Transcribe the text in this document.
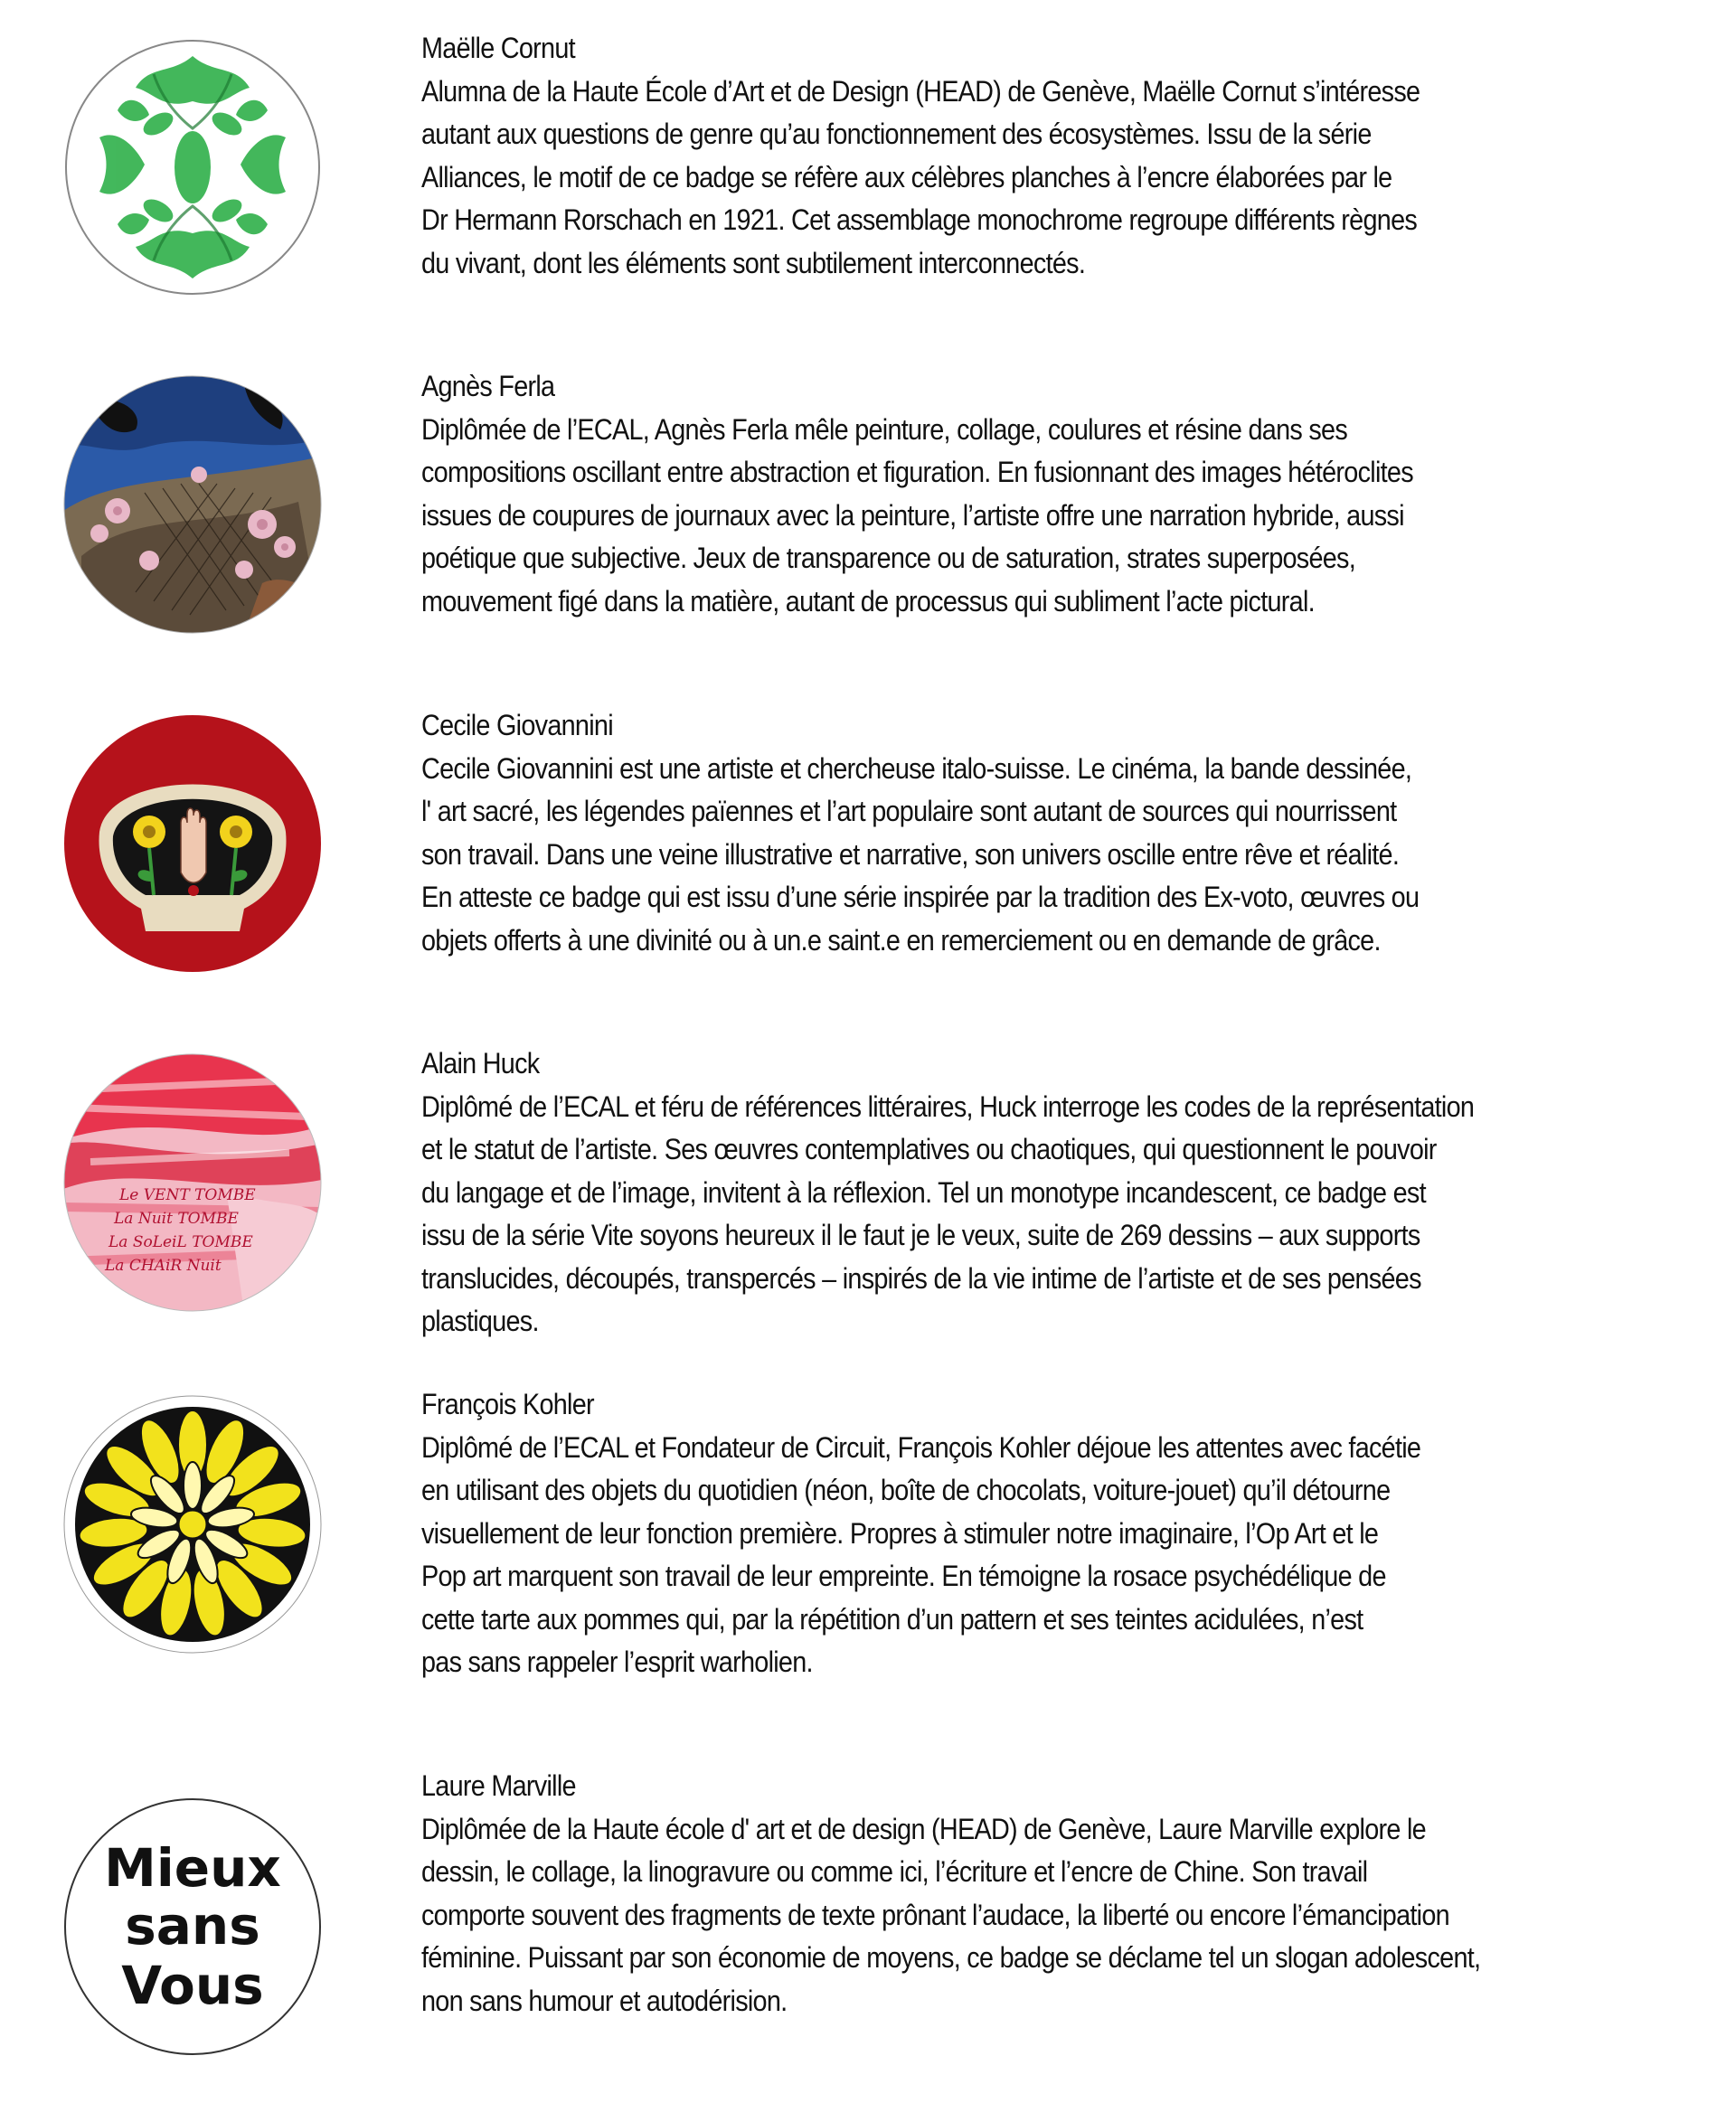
Maëlle Cornut
Alumna de la Haute École d’Art et de Design (HEAD) de Genève, Maëlle Cornut s’intéresse
autant aux questions de genre qu’au fonctionnement des écosystèmes. Issu de la série
Alliances, le motif de ce badge se réfère aux célèbres planches à l’encre élaborées par le
Dr Hermann Rorschach en 1921. Cet assemblage monochrome regroupe différents règnes
du vivant, dont les éléments sont subtilement interconnectés.
Agnès Ferla
Diplômée de l’ECAL, Agnès Ferla mêle peinture, collage, coulures et résine dans ses
compositions oscillant entre abstraction et figuration. En fusionnant des images hétéroclites
issues de coupures de journaux avec la peinture, l’artiste offre une narration hybride, aussi
poétique que subjective. Jeux de transparence ou de saturation, strates superposées,
mouvement figé dans la matière, autant de processus qui subliment l’acte pictural.
Cecile Giovannini
Cecile Giovannini est une artiste et chercheuse italo-suisse. Le cinéma, la bande dessinée,
l' art sacré, les légendes païennes et l’art populaire sont autant de sources qui nourrissent
son travail. Dans une veine illustrative et narrative, son univers oscille entre rêve et réalité.
En atteste ce badge qui est issu d’une série inspirée par la tradition des Ex-voto, œuvres ou
objets offerts à une divinité ou à un.e saint.e en remerciement ou en demande de grâce.
Le VENT TOMBE
La Nuit TOMBE
La SoLeiL TOMBE
La CHAiR Nuit
Alain Huck
Diplômé de l’ECAL et féru de références littéraires, Huck interroge les codes de la représentation
et le statut de l’artiste. Ses œuvres contemplatives ou chaotiques, qui questionnent le pouvoir
du langage et de l’image, invitent à la réflexion. Tel un monotype incandescent, ce badge est
issu de la série Vite soyons heureux il le faut je le veux, suite de 269 dessins – aux supports
translucides, découpés, transpercés – inspirés de la vie intime de l’artiste et de ses pensées
plastiques.
François Kohler
Diplômé de l’ECAL et Fondateur de Circuit, François Kohler déjoue les attentes avec facétie
en utilisant des objets du quotidien (néon, boîte de chocolats, voiture-jouet) qu’il détourne
visuellement de leur fonction première. Propres à stimuler notre imaginaire, l’Op Art et le
Pop art marquent son travail de leur empreinte. En témoigne la rosace psychédélique de
cette tarte aux pommes qui, par la répétition d’un pattern et ses teintes acidulées, n’est
pas sans rappeler l’esprit warholien.
Mieux
sans
Vous
Laure Marville
Diplômée de la Haute école d' art et de design (HEAD) de Genève, Laure Marville explore le
dessin, le collage, la linogravure ou comme ici, l’écriture et l’encre de Chine. Son travail
comporte souvent des fragments de texte prônant l’audace, la liberté ou encore l’émancipation
féminine. Puissant par son économie de moyens, ce badge se déclame tel un slogan adolescent,
non sans humour et autodérision.
